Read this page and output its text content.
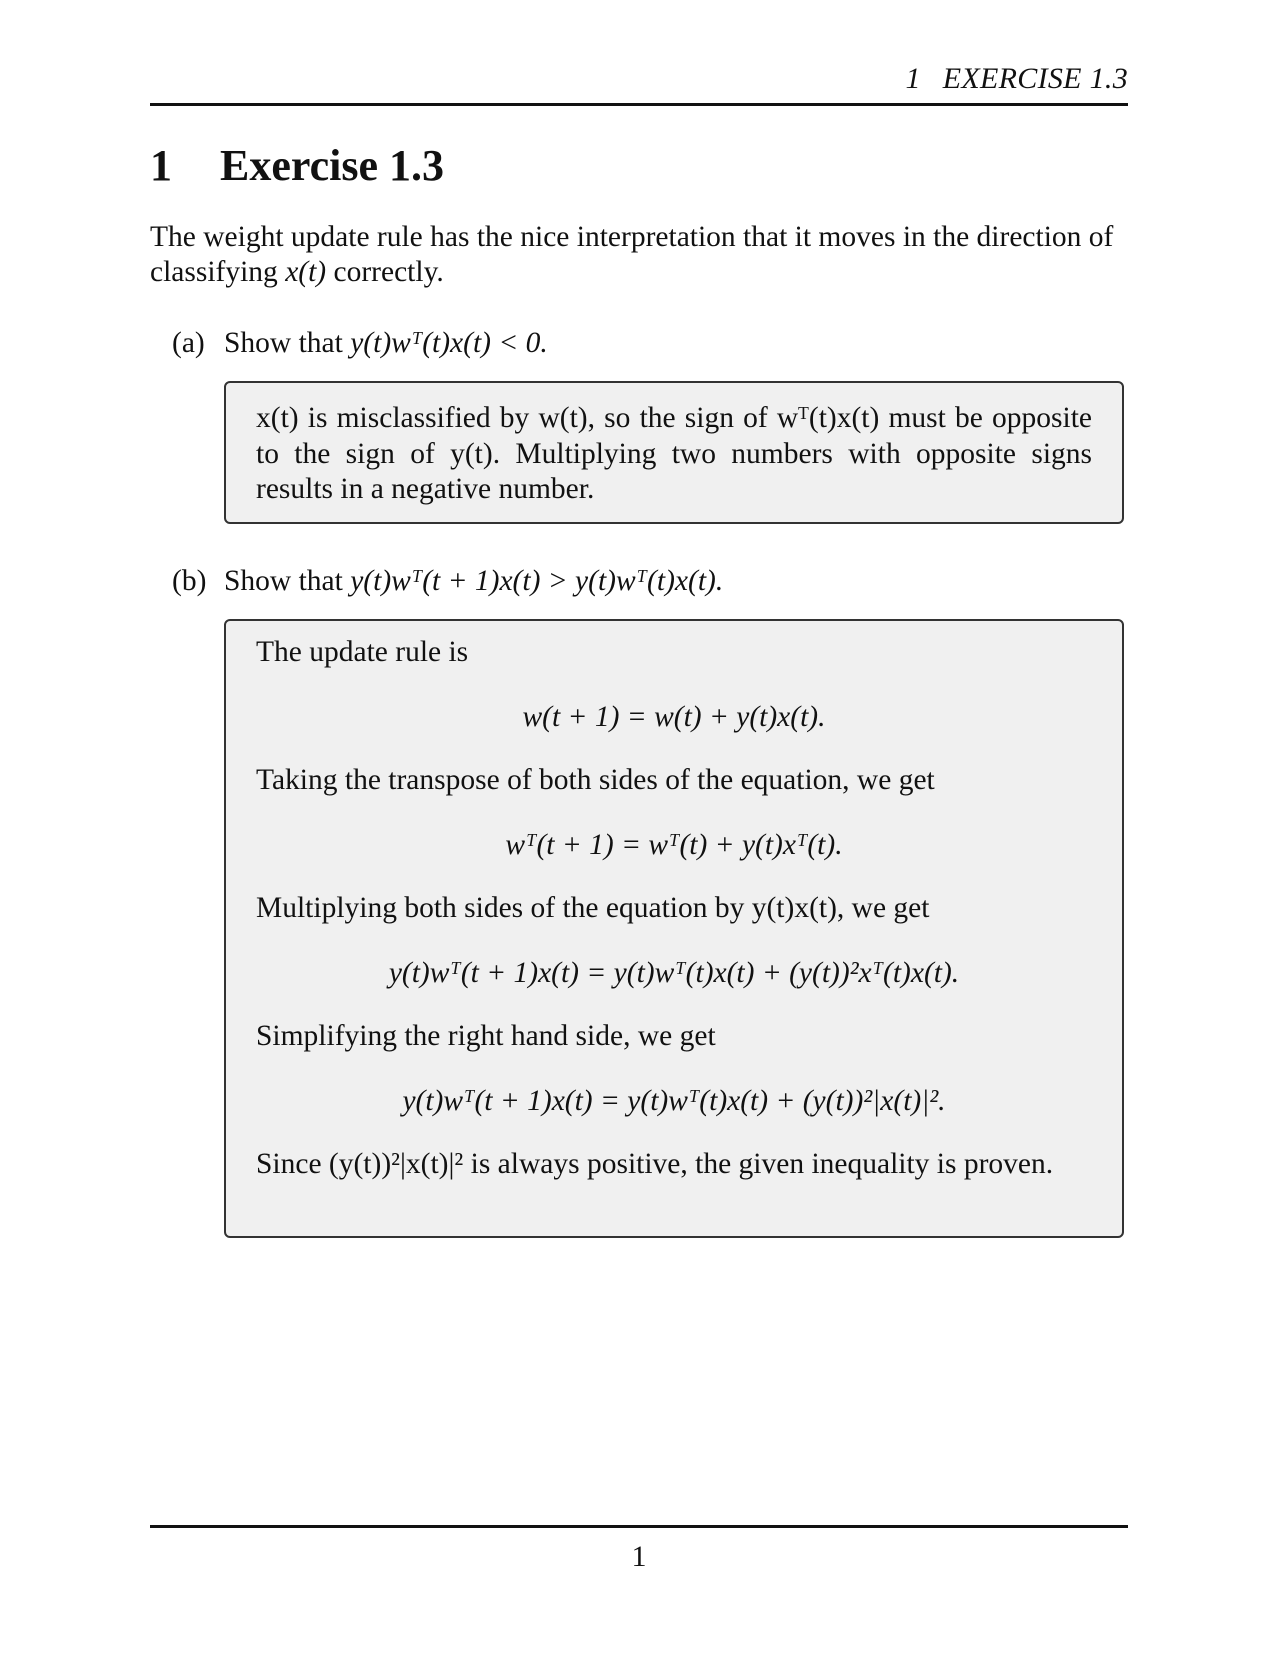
1 EXERCISE 1.3
1 Exercise 1.3

The weight update rule has the nice interpretation that it moves in the direction of classifying x(t) correctly.

(a) Show that y(t)wᵀ(t)x(t) < 0.

x(t) is misclassified by w(t), so the sign of wᵀ(t)x(t) must be opposite to the sign of y(t). Multiplying two numbers with opposite signs results in a negative number.

(b) Show that y(t)wᵀ(t + 1)x(t) > y(t)wᵀ(t)x(t).

The update rule is

w(t + 1) = w(t) + y(t)x(t).

Taking the transpose of both sides of the equation, we get

wᵀ(t + 1) = wᵀ(t) + y(t)xᵀ(t).

Multiplying both sides of the equation by y(t)x(t), we get

y(t)wᵀ(t + 1)x(t) = y(t)wᵀ(t)x(t) + (y(t))²xᵀ(t)x(t).

Simplifying the right hand side, we get

y(t)wᵀ(t + 1)x(t) = y(t)wᵀ(t)x(t) + (y(t))²|x(t)|².

Since (y(t))²|x(t)|² is always positive, the given inequality is proven.

1
